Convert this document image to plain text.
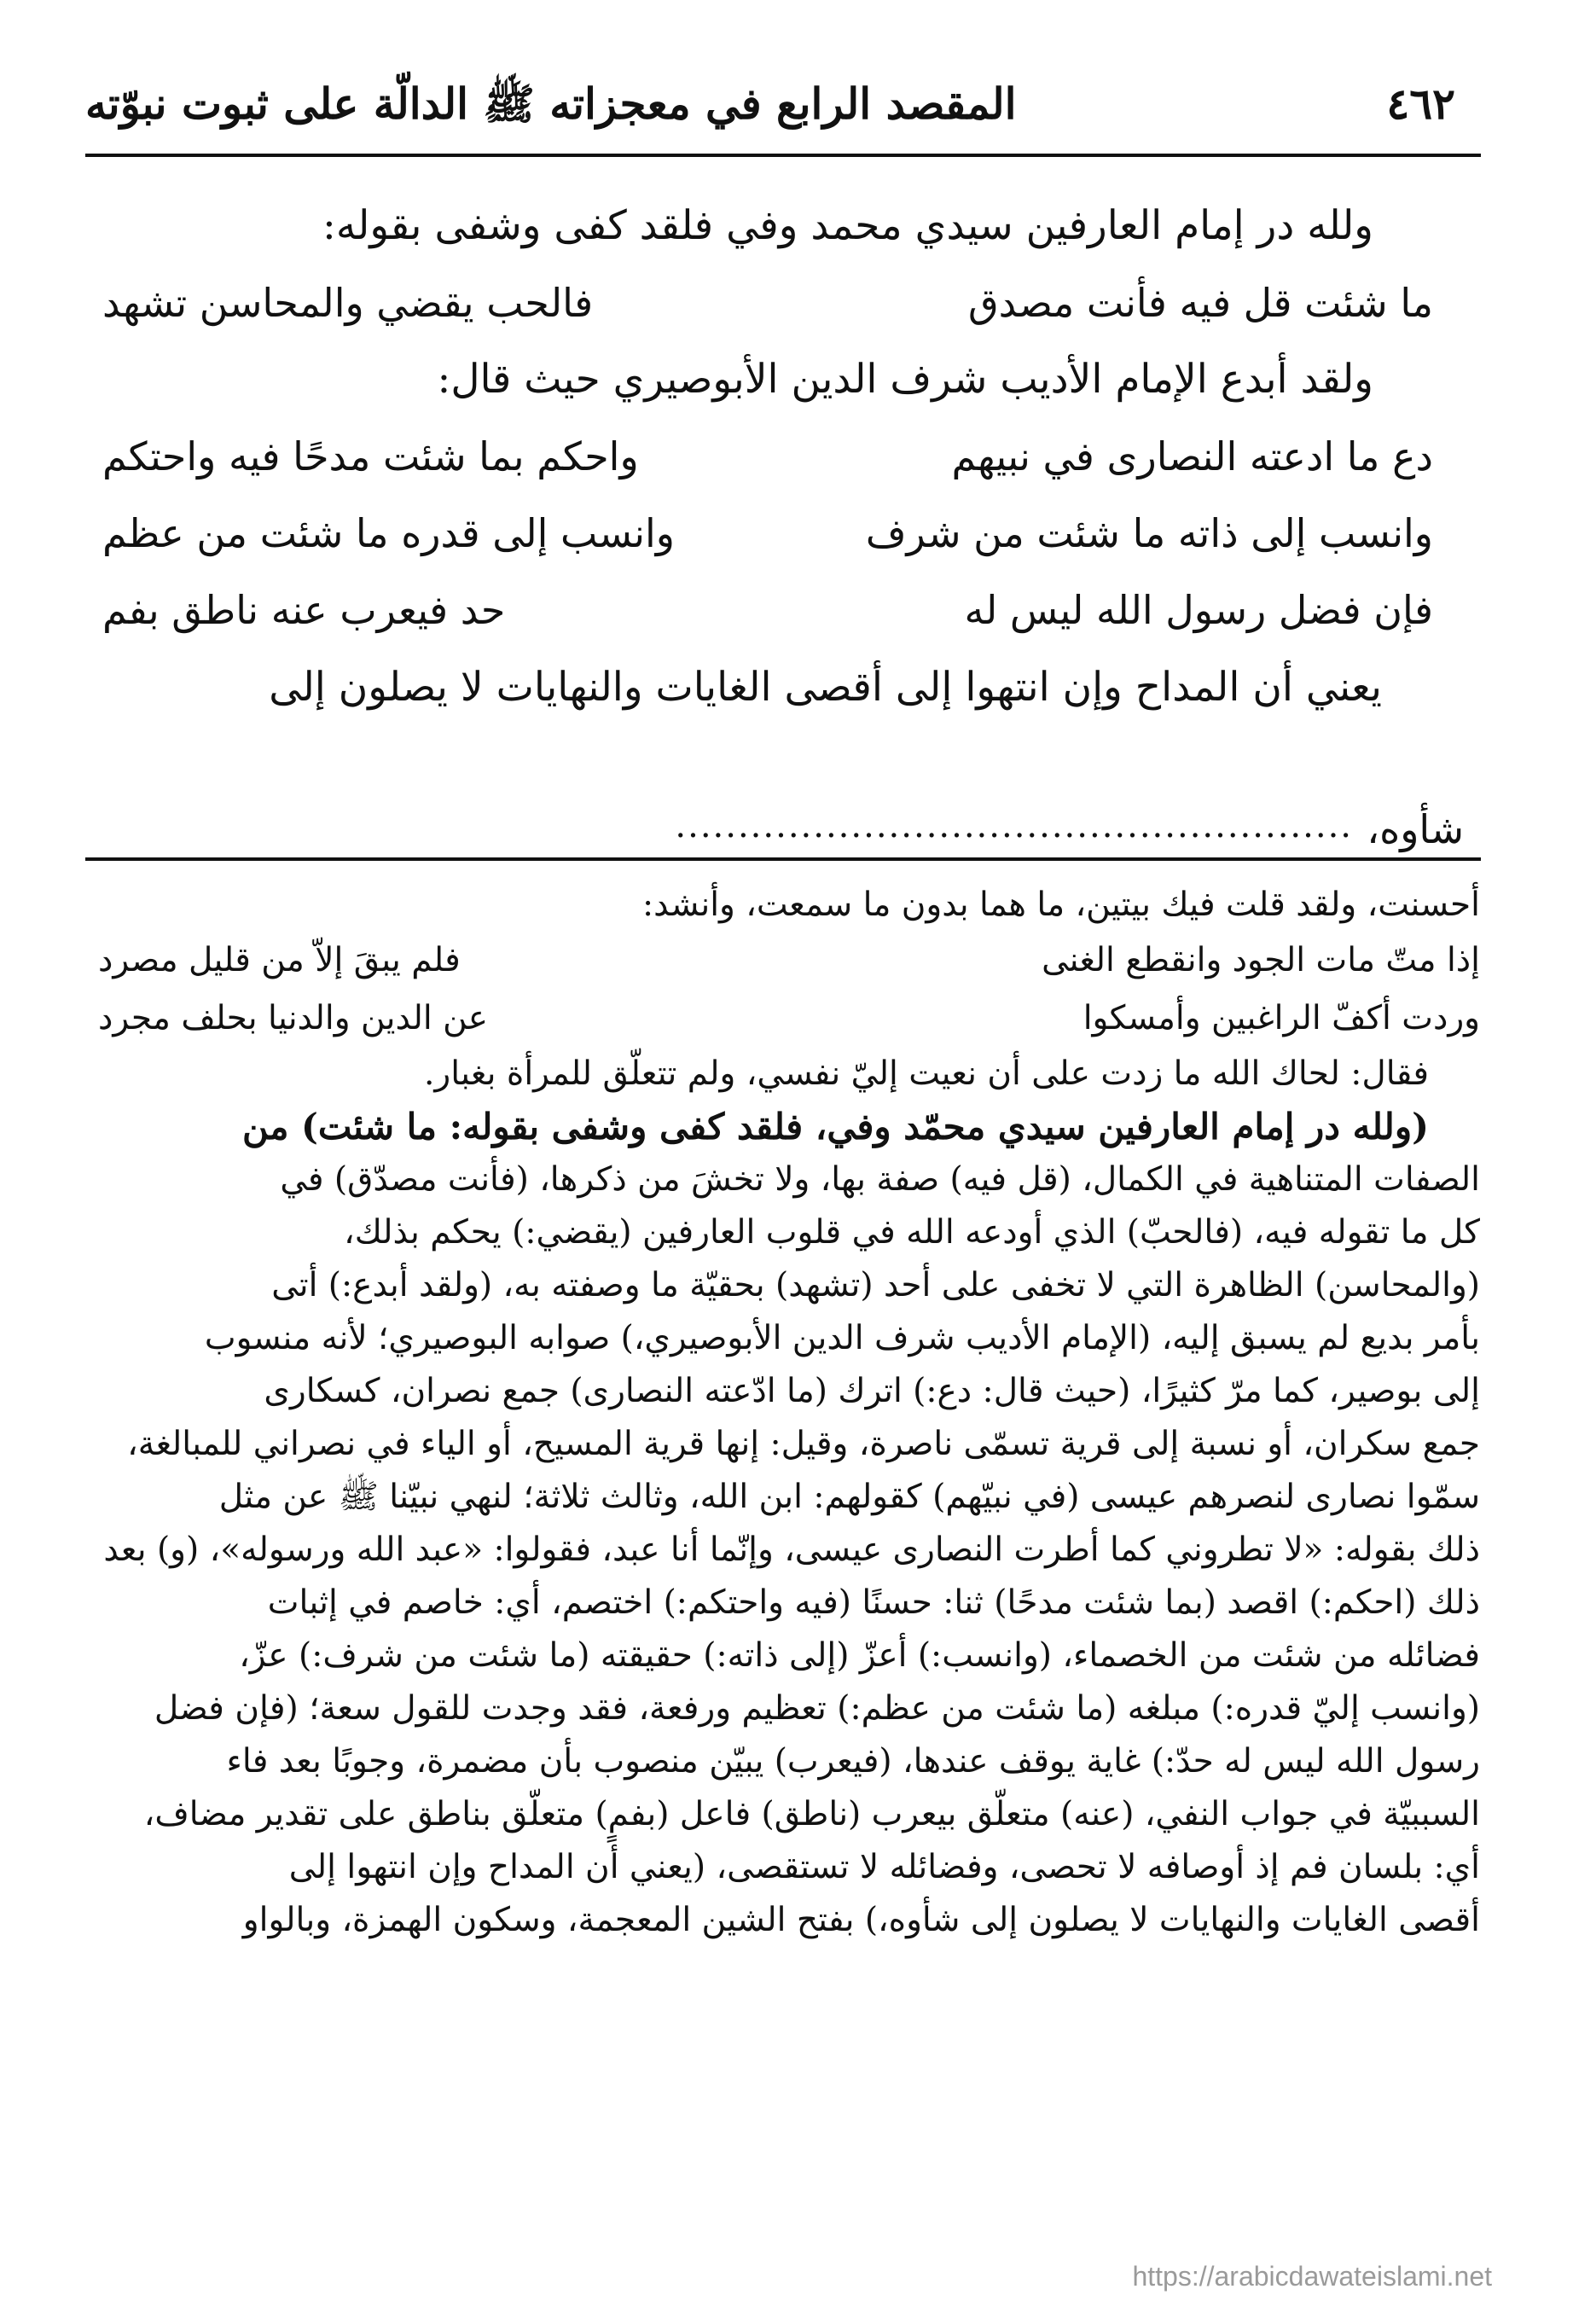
٤٦٢
المقصد الرابع في معجزاته ﷺ الدالّة على ثبوت نبوّته
ولله در إمام العارفين سيدي محمد وفي فلقد كفى وشفى بقوله:
ما شئت قل فيه فأنت مصدق
فالحب يقضي والمحاسن تشهد
ولقد أبدع الإمام الأديب شرف الدين الأبوصيري حيث قال:
دع ما ادعته النصارى في نبيهم
واحكم بما شئت مدحًا فيه واحتكم
وانسب إلى ذاته ما شئت من شرف
وانسب إلى قدره ما شئت من عظم
فإن فضل رسول الله ليس له
حد فيعرب عنه ناطق بفم
يعني أن المداح وإن انتهوا إلى أقصى الغايات والنهايات لا يصلون إلى
شأوه،
......................................................
أحسنت، ولقد قلت فيك بيتين، ما هما بدون ما سمعت، وأنشد:
إذا متّ مات الجود وانقطع الغنى
فلم يبقَ إلاّ من قليل مصرد
وردت أكفّ الراغبين وأمسكوا
عن الدين والدنيا بحلف مجرد
فقال: لحاك الله ما زدت على أن نعيت إليّ نفسي، ولم تتعلّق للمرأة بغبار.
(ولله در إمام العارفين سيدي محمّد وفي، فلقد كفى وشفى بقوله: ما شئت) من
الصفات المتناهية في الكمال، (قل فيه) صفة بها، ولا تخشَ من ذكرها، (فأنت مصدّق) في
كل ما تقوله فيه، (فالحبّ) الذي أودعه الله في قلوب العارفين (يقضي:) يحكم بذلك،
(والمحاسن) الظاهرة التي لا تخفى على أحد (تشهد) بحقيّة ما وصفته به، (ولقد أبدع:) أتى
بأمر بديع لم يسبق إليه، (الإمام الأديب شرف الدين الأبوصيري،) صوابه البوصيري؛ لأنه منسوب
إلى بوصير، كما مرّ كثيرًا، (حيث قال: دع:) اترك (ما ادّعته النصارى) جمع نصران، كسكارى
جمع سكران، أو نسبة إلى قرية تسمّى ناصرة، وقيل: إنها قرية المسيح، أو الياء في نصراني للمبالغة،
سمّوا نصارى لنصرهم عيسى (في نبيّهم) كقولهم: ابن الله، وثالث ثلاثة؛ لنهي نبيّنا ﷺ عن مثل
ذلك بقوله: «لا تطروني كما أطرت النصارى عيسى، وإنّما أنا عبد، فقولوا: «عبد الله ورسوله»، (و) بعد
ذلك (احكم:) اقصد (بما شئت مدحًا) ثنا: حسنًا (فيه واحتكم:) اختصم، أي: خاصم في إثبات
فضائله من شئت من الخصماء، (وانسب:) أعزّ (إلى ذاته:) حقيقته (ما شئت من شرف:) عزّ،
(وانسب إليّ قدره:) مبلغه (ما شئت من عظم:) تعظيم ورفعة، فقد وجدت للقول سعة؛ (فإن فضل
رسول الله ليس له حدّ:) غاية يوقف عندها، (فيعرب) يبيّن منصوب بأن مضمرة، وجوبًا بعد فاء
السببيّة في جواب النفي، (عنه) متعلّق بيعرب (ناطق) فاعل (بفمٍ) متعلّق بناطق على تقدير مضاف،
أي: بلسان فم إذ أوصافه لا تحصى، وفضائله لا تستقصى، (يعني أن المداح وإن انتهوا إلى
أقصى الغايات والنهايات لا يصلون إلى شأوه،) بفتح الشين المعجمة، وسكون الهمزة، وبالواو
https://arabicdawateislami.net
